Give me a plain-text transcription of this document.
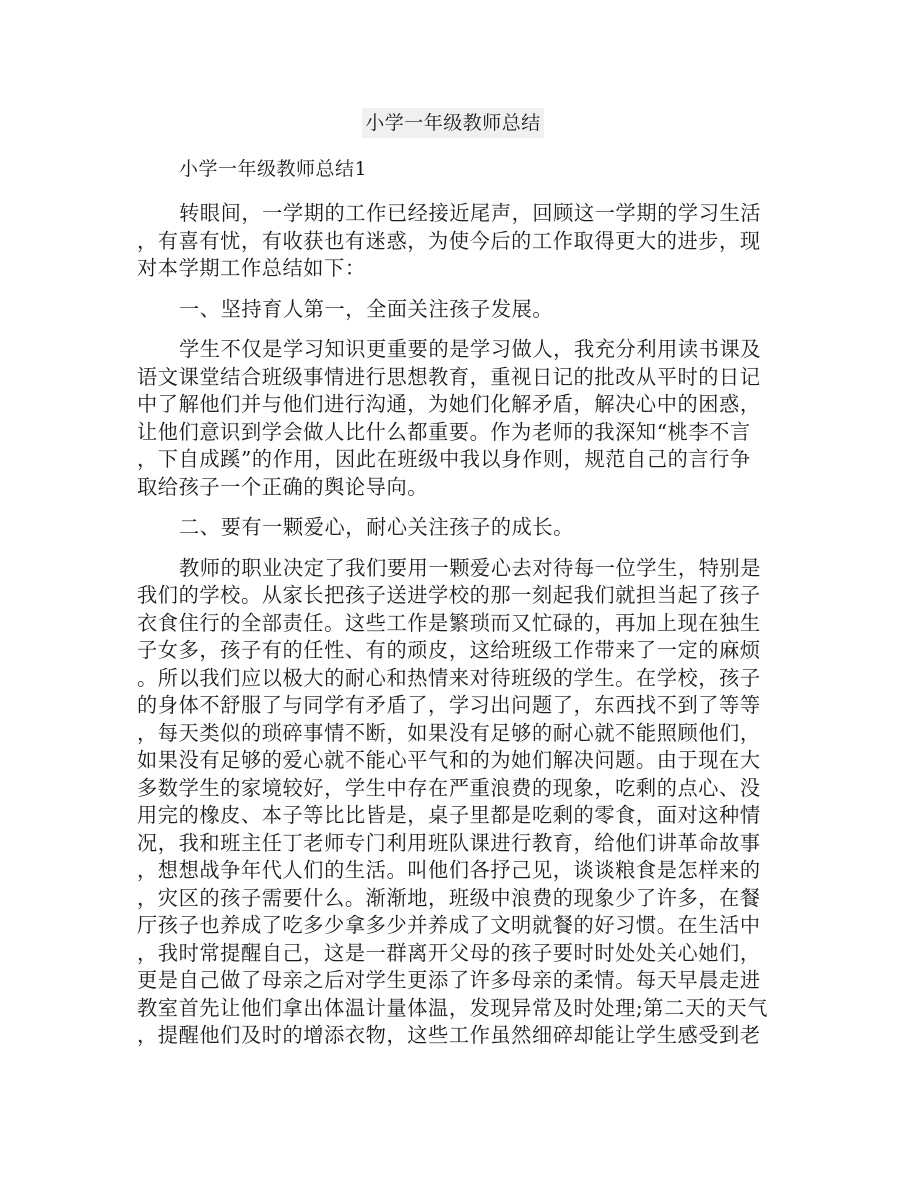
小学一年级教师总结
小学一年级教师总结1
转眼间，一学期的工作已经接近尾声，回顾这一学期的学习生活
，有喜有忧，有收获也有迷惑，为使今后的工作取得更大的进步，现
对本学期工作总结如下：
一、坚持育人第一，全面关注孩子发展。
学生不仅是学习知识更重要的是学习做人，我充分利用读书课及
语文课堂结合班级事情进行思想教育，重视日记的批改从平时的日记
中了解他们并与他们进行沟通，为她们化解矛盾，解决心中的困惑，
让他们意识到学会做人比什么都重要。作为老师的我深知“桃李不言
，下自成蹊”的作用，因此在班级中我以身作则，规范自己的言行争
取给孩子一个正确的舆论导向。
二、要有一颗爱心，耐心关注孩子的成长。
教师的职业决定了我们要用一颗爱心去对待每一位学生，特别是
我们的学校。从家长把孩子送进学校的那一刻起我们就担当起了孩子
衣食住行的全部责任。这些工作是繁琐而又忙碌的，再加上现在独生
子女多，孩子有的任性、有的顽皮，这给班级工作带来了一定的麻烦
。所以我们应以极大的耐心和热情来对待班级的学生。在学校，孩子
的身体不舒服了与同学有矛盾了，学习出问题了，东西找不到了等等
，每天类似的琐碎事情不断，如果没有足够的耐心就不能照顾他们，
如果没有足够的爱心就不能心平气和的为她们解决问题。由于现在大
多数学生的家境较好，学生中存在严重浪费的现象，吃剩的点心、没
用完的橡皮、本子等比比皆是，桌子里都是吃剩的零食，面对这种情
况，我和班主任丁老师专门利用班队课进行教育，给他们讲革命故事
，想想战争年代人们的生活。叫他们各抒己见，谈谈粮食是怎样来的
，灾区的孩子需要什么。渐渐地，班级中浪费的现象少了许多，在餐
厅孩子也养成了吃多少拿多少并养成了文明就餐的好习惯。在生活中
，我时常提醒自己，这是一群离开父母的孩子要时时处处关心她们，
更是自己做了母亲之后对学生更添了许多母亲的柔情。每天早晨走进
教室首先让他们拿出体温计量体温，发现异常及时处理;第二天的天气
，提醒他们及时的增添衣物，这些工作虽然细碎却能让学生感受到老
